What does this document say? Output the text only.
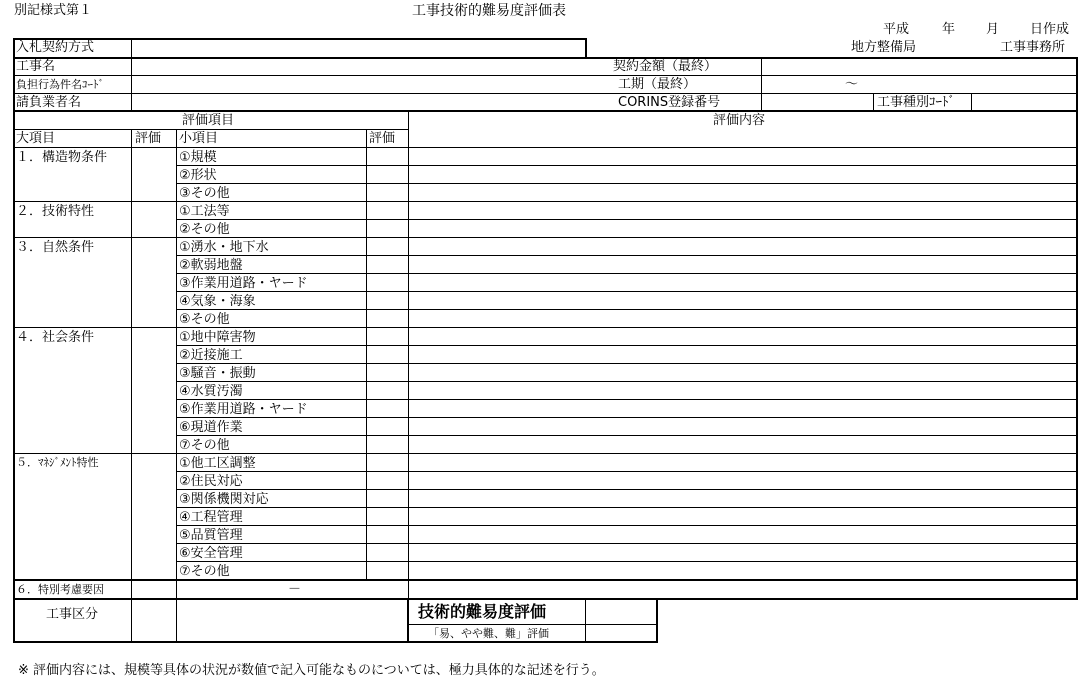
別記様式第１	工事技術的難易度評価表
平成	年 月 日作成
地方整備局	工事事務所
入札契約方式
工事名
負担行為件名ｺｰﾄﾞ
請負業者名
契約金額（最終）
工期（最終）	～
CORINS登録番号	工事種別ｺｰﾄﾞ
評価項目	評価内容
大項目	評価 小項目	評価
１．構造物条件	①規模
②形状
③その他
２．技術特性	①工法等
②その他
３．自然条件	①湧水・地下水
②軟弱地盤
③作業用道路・ヤード
④気象・海象
⑤その他
４．社会条件	①地中障害物
②近接施工
③騒音・振動
④水質汚濁
⑤作業用道路・ヤード
⑥現道作業
⑦その他
５．ﾏﾈｼﾞﾒﾝﾄ特性	①他工区調整
②住民対応
③関係機関対応
④工程管理
⑤品質管理
⑥安全管理
⑦その他
６．特別考慮要因	－
工事区分	技術的難易度評価
「易、やや難、難」評価
※ 評価内容には、規模等具体の状況が数値で記入可能なものについては、極力具体的な記述を行う。
